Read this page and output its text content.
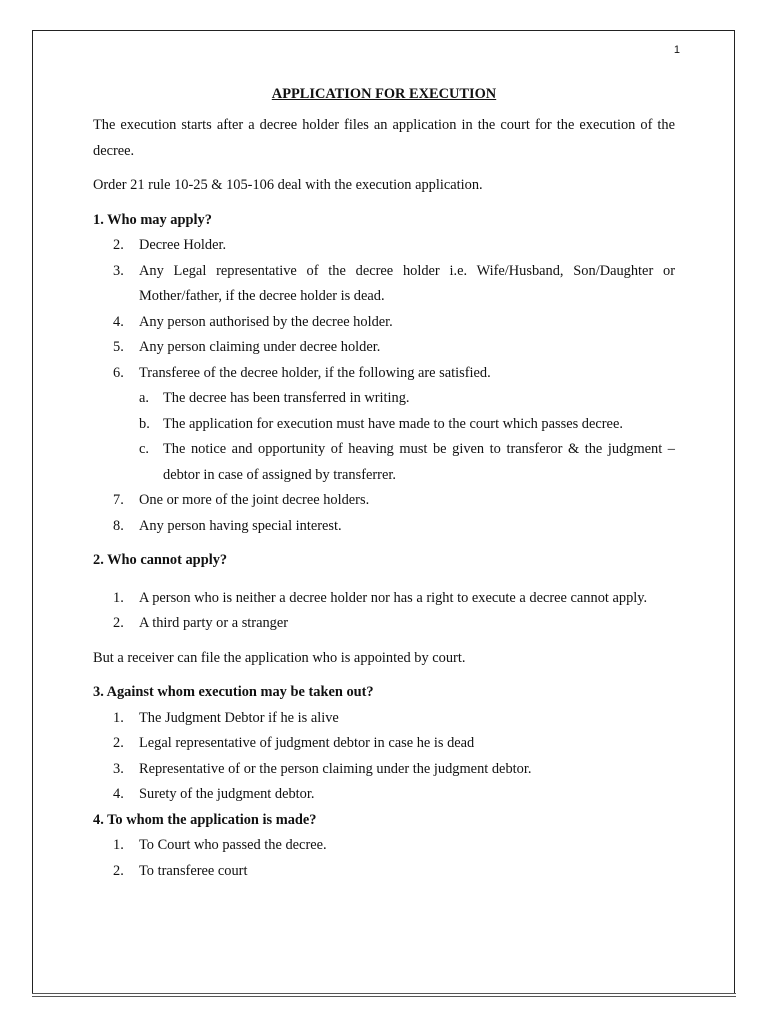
1
APPLICATION FOR EXECUTION

The execution starts after a decree holder files an application in the court for the execution of the decree.

Order 21 rule 10-25 & 105-106 deal with the execution application.

1. Who may apply?
2. Decree Holder.
3. Any Legal representative of the decree holder i.e. Wife/Husband, Son/Daughter or Mother/father, if the decree holder is dead.
4. Any person authorised by the decree holder.
5. Any person claiming under decree holder.
6. Transferee of the decree holder, if the following are satisfied.
a. The decree has been transferred in writing.
b. The application for execution must have made to the court which passes decree.
c. The notice and opportunity of heaving must be given to transferor & the judgment – debtor in case of assigned by transferrer.
7. One or more of the joint decree holders.
8. Any person having special interest.
2. Who cannot apply?
1. A person who is neither a decree holder nor has a right to execute a decree cannot apply.
2. A third party or a stranger

But a receiver can file the application who is appointed by court.

3. Against whom execution may be taken out?
1. The Judgment Debtor if he is alive
2. Legal representative of judgment debtor in case he is dead
3. Representative of or the person claiming under the judgment debtor.
4. Surety of the judgment debtor.
4. To whom the application is made?
1. To Court who passed the decree.
2. To transferee court
